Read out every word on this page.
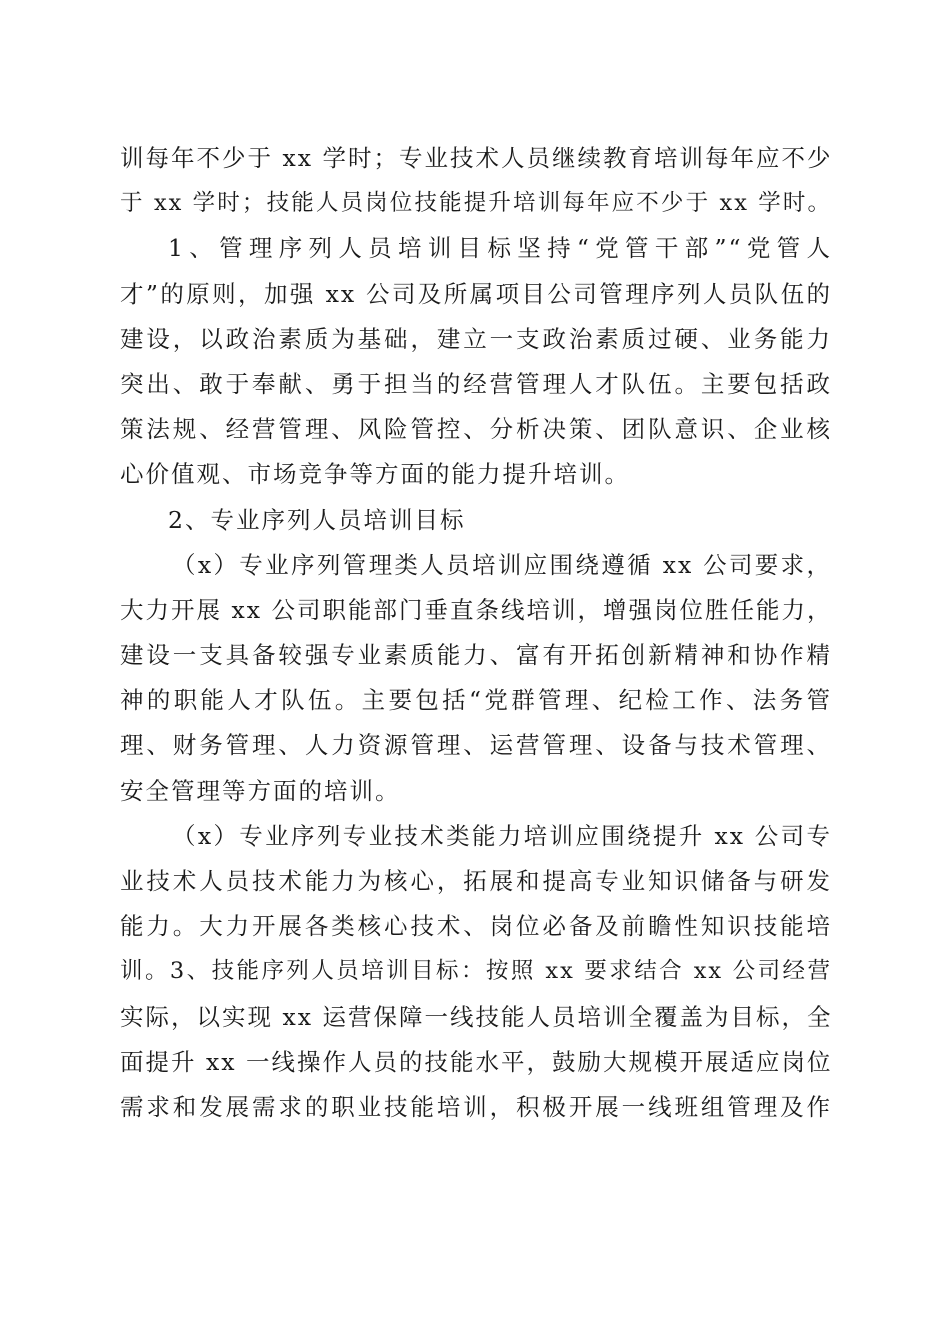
训每年不少于 xx 学时；专业技术人员继续教育培训每年应不少
于 xx 学时；技能人员岗位技能提升培训每年应不少于 xx 学时。
1、管理序列人员培训目标坚持“党管干部”“党管人
才”的原则，加强 xx 公司及所属项目公司管理序列人员队伍的
建设，以政治素质为基础，建立一支政治素质过硬、业务能力
突出、敢于奉献、勇于担当的经营管理人才队伍。主要包括政
策法规、经营管理、风险管控、分析决策、团队意识、企业核
心价值观、市场竞争等方面的能力提升培训。
2、专业序列人员培训目标
（x）专业序列管理类人员培训应围绕遵循 xx 公司要求，
大力开展 xx 公司职能部门垂直条线培训，增强岗位胜任能力，
建设一支具备较强专业素质能力、富有开拓创新精神和协作精
神的职能人才队伍。主要包括“党群管理、纪检工作、法务管
理、财务管理、人力资源管理、运营管理、设备与技术管理、
安全管理等方面的培训。
（x）专业序列专业技术类能力培训应围绕提升 xx 公司专
业技术人员技术能力为核心，拓展和提高专业知识储备与研发
能力。大力开展各类核心技术、岗位必备及前瞻性知识技能培
训。3、技能序列人员培训目标：按照 xx 要求结合 xx 公司经营
实际，以实现 xx 运营保障一线技能人员培训全覆盖为目标，全
面提升 xx 一线操作人员的技能水平，鼓励大规模开展适应岗位
需求和发展需求的职业技能培训，积极开展一线班组管理及作
